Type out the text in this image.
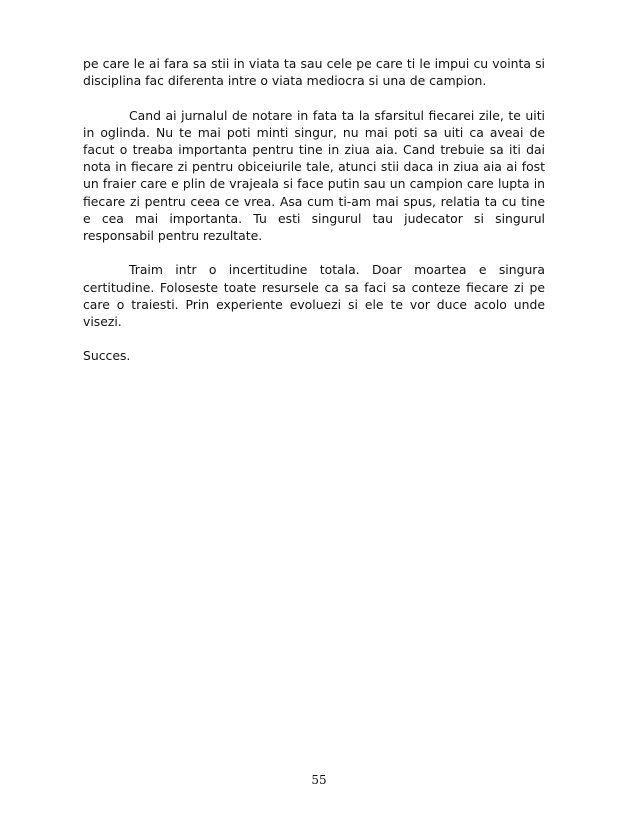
pe care le ai fara sa stii in viata ta sau cele pe care ti le impui cu vointa si disciplina fac diferenta intre o viata mediocra si una de campion.

Cand ai jurnalul de notare in fata ta la sfarsitul fiecarei zile, te uiti in oglinda. Nu te mai poti minti singur, nu mai poti sa uiti ca aveai de facut o treaba importanta pentru tine in ziua aia. Cand trebuie sa iti dai nota in fiecare zi pentru obiceiurile tale, atunci stii daca in ziua aia ai fost un fraier care e plin de vrajeala si face putin sau un campion care lupta in fiecare zi pentru ceea ce vrea. Asa cum ti-am mai spus, relatia ta cu tine e cea mai importanta. Tu esti singurul tau judecator si singurul responsabil pentru rezultate.

Traim intr o incertitudine totala. Doar moartea e singura certitudine. Foloseste toate resursele ca sa faci sa conteze fiecare zi pe care o traiesti. Prin experiente evoluezi si ele te vor duce acolo unde visezi.

Succes.

55
